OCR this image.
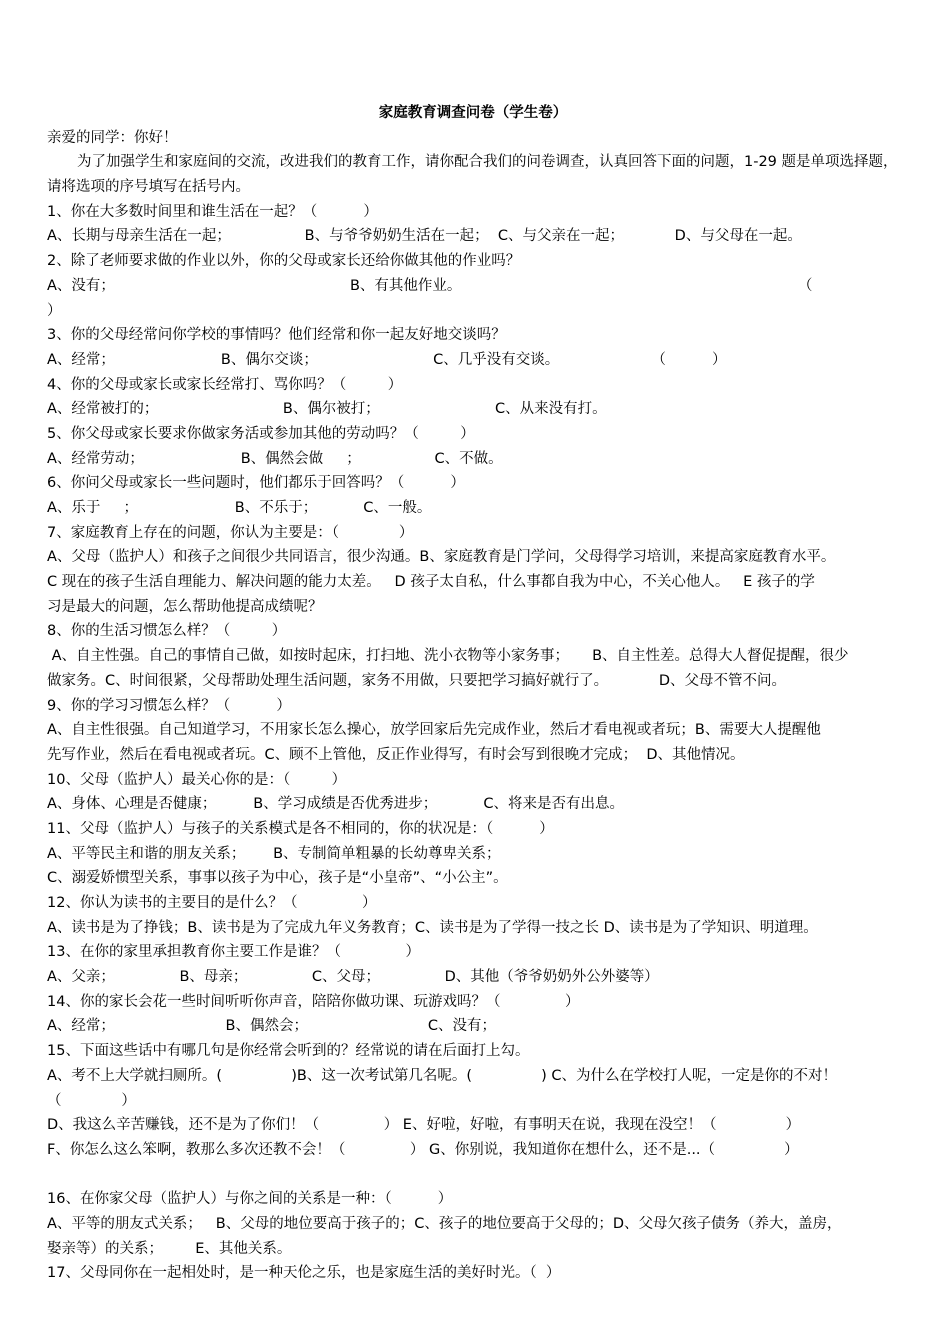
家庭教育调查问卷（学生卷）
亲爱的同学：你好！
为了加强学生和家庭间的交流，改进我们的教育工作，请你配合我们的问卷调查，认真回答下面的问题，1-29 题是单项选择题，请将选项的序号填写在括号内。
1、你在大多数时间里和谁生活在一起？（          ）
A、长期与母亲生活在一起；                B、与爷爷奶奶生活在一起；  C、与父亲在一起；           D、与父母在一起。
2、除了老师要求做的作业以外，你的父母或家长还给你做其他的作业吗？
A、没有；                                                   B、有其他作业。                                                                         （
）
3、你的父母经常问你学校的事情吗？他们经常和你一起友好地交谈吗？
A、经常；                       B、偶尔交谈；                         C、几乎没有交谈。                    （          ）
4、你的父母或家长或家长经常打、骂你吗？（         ）
A、经常被打的；                           B、偶尔被打；                         C、从来没有打。
5、你父母或家长要求你做家务活或参加其他的劳动吗？（         ）
A、经常劳动；                     B、偶然会做     ；                C、不做。
6、你问父母或家长一些问题时，他们都乐于回答吗？（          ）
A、乐于     ；                     B、不乐于；          C、一般。
7、家庭教育上存在的问题，你认为主要是：（             ）
A、父母（监护人）和孩子之间很少共同语言，很少沟通。B、家庭教育是门学问，父母得学习培训，来提高家庭教育水平。
C 现在的孩子生活自理能力、解决问题的能力太差。   D 孩子太自私，什么事都自我为中心，不关心他人。   E 孩子的学
习是最大的问题，怎么帮助他提高成绩呢？
8、你的生活习惯怎么样？（         ）
A、自主性强。自己的事情自己做，如按时起床，打扫地、洗小衣物等小家务事；     B、自主性差。总得大人督促提醒，很少
做家务。C、时间很紧，父母帮助处理生活问题，家务不用做，只要把学习搞好就行了。           D、父母不管不问。
9、你的学习习惯怎么样？（          ）
A、自主性很强。自己知道学习，不用家长怎么操心，放学回家后先完成作业，然后才看电视或者玩；B、需要大人提醒他
先写作业，然后在看电视或者玩。C、顾不上管他，反正作业得写，有时会写到很晚才完成；  D、其他情况。
10、父母（监护人）最关心你的是：（         ）
A、身体、心理是否健康；        B、学习成绩是否优秀进步；          C、将来是否有出息。
11、父母（监护人）与孩子的关系模式是各不相同的，你的状况是：（          ）
A、平等民主和谐的朋友关系；      B、专制简单粗暴的长幼尊卑关系；
C、溺爱娇惯型关系，事事以孩子为中心，孩子是“小皇帝”、“小公主”。
12、你认为读书的主要目的是什么？（              ）
A、读书是为了挣钱；B、读书是为了完成九年义务教育；C、读书是为了学得一技之长 D、读书是为了学知识、明道理。
13、在你的家里承担教育你主要工作是谁？（              ）
A、父亲；              B、母亲；              C、父母；              D、其他（爷爷奶奶外公外婆等）
14、你的家长会花一些时间听听你声音，陪陪你做功课、玩游戏吗？（              ）
A、经常；                        B、偶然会；                          C、没有；
15、下面这些话中有哪几句是你经常会听到的？经常说的请在后面打上勾。
A、考不上大学就扫厕所。(               )B、这一次考试第几名呢。(               ) C、为什么在学校打人呢，一定是你的不对！
（             ）
D、我这么辛苦赚钱，还不是为了你们！（              ） E、好啦，好啦，有事明天在说，我现在没空！（               ）
F、你怎么这么笨啊，教那么多次还教不会！（              ） G、你别说，我知道你在想什么，还不是...（               ）
16、在你家父母（监护人）与你之间的关系是一种：（          ）
A、平等的朋友式关系；   B、父母的地位要高于孩子的；C、孩子的地位要高于父母的；D、父母欠孩子债务（养大，盖房，
娶亲等）的关系；       E、其他关系。
17、父母同你在一起相处时，是一种天伦之乐，也是家庭生活的美好时光。（  ）
